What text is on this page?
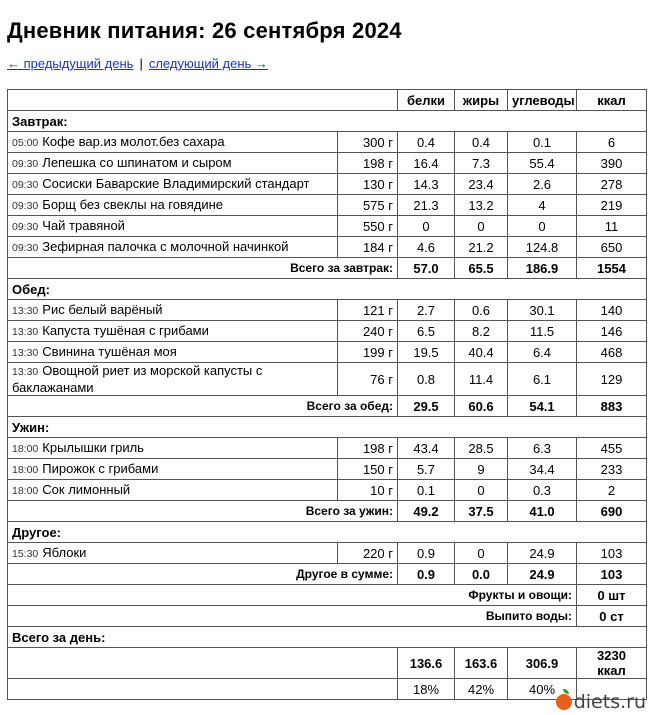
Дневник питания: 26 сентября 2024
← предыдущий день | следующий день →
		белки	жиры	углеводы	ккал
Завтрак:					
05:00 Кофе вар.из молот.без сахара	300 г	0.4	0.4	0.1	6
09:30 Лепешка со шпинатом и сыром	198 г	16.4	7.3	55.4	390
09:30 Сосиски Баварские Владимирский стандарт	130 г	14.3	23.4	2.6	278
09:30 Борщ без свеклы на говядине	575 г	21.3	13.2	4	219
09:30 Чай травяной	550 г	0	0	0	11
09:30 Зефирная палочка с молочной начинкой	184 г	4.6	21.2	124.8	650
Всего за завтрак:		57.0	65.5	186.9	1554
Обед:					
13:30 Рис белый варёный	121 г	2.7	0.6	30.1	140
13:30 Капуста тушёная с грибами	240 г	6.5	8.2	11.5	146
13:30 Свинина тушёная моя	199 г	19.5	40.4	6.4	468
13:30 Овощной риет из морской капусты с баклажанами	76 г	0.8	11.4	6.1	129
Всего за обед:		29.5	60.6	54.1	883
Ужин:					
18:00 Крылышки гриль	198 г	43.4	28.5	6.3	455
18:00 Пирожок с грибами	150 г	5.7	9	34.4	233
18:00 Сок лимонный	10 г	0.1	0	0.3	2
Всего за ужин:		49.2	37.5	41.0	690
Другое:					
15:30 Яблоки	220 г	0.9	0	24.9	103
Другое в сумме:		0.9	0.0	24.9	103
Фрукты и овощи:					0 шт
Выпито воды:					0 ст
Всего за день:					
		136.6	163.6	306.9	3230 ккал
		18%	42%	40%	
diets.ru
